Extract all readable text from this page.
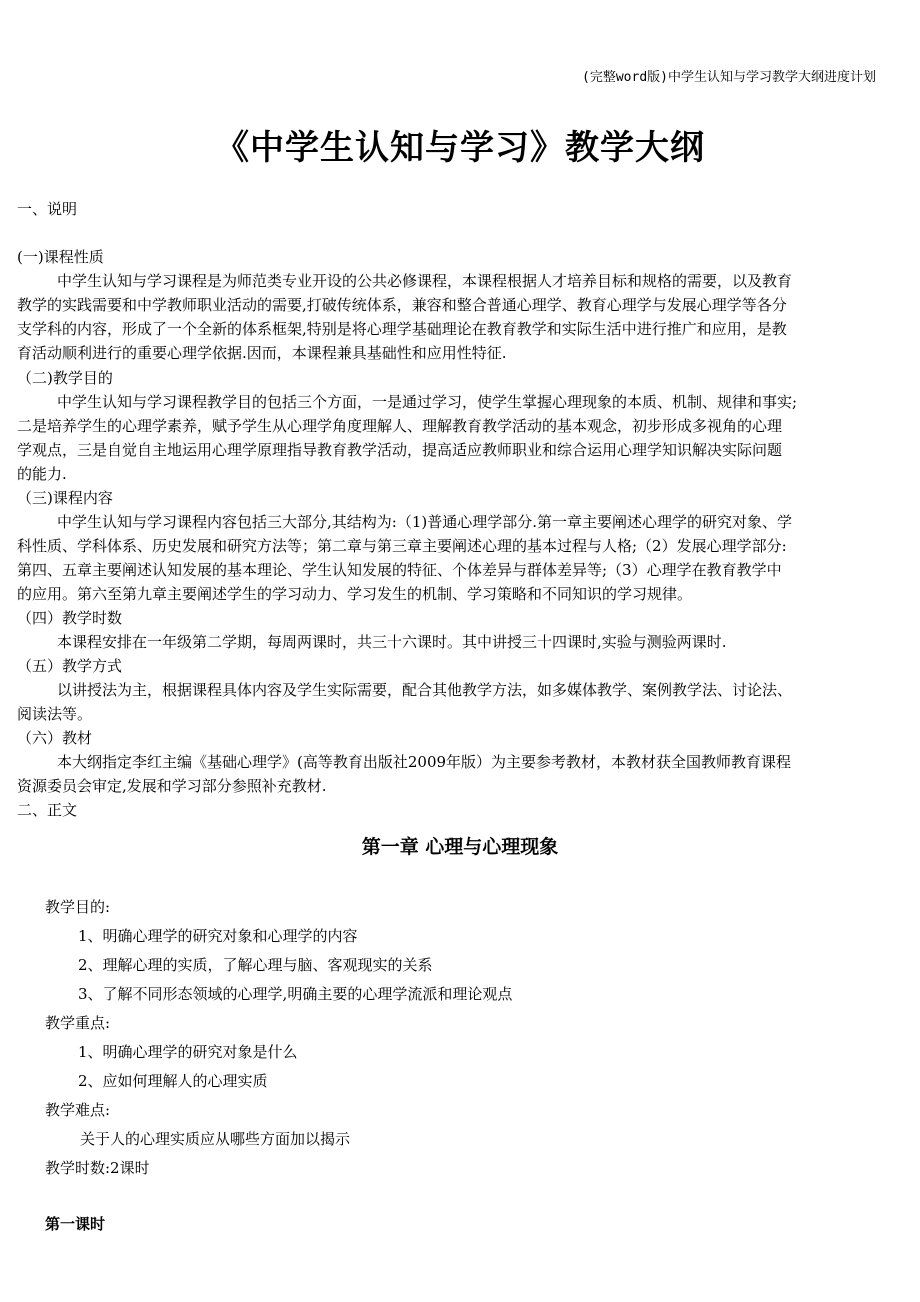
(完整word版)中学生认知与学习教学大纲进度计划
《中学生认知与学习》教学大纲
一、说明
(一)课程性质
中学生认知与学习课程是为师范类专业开设的公共必修课程，本课程根据人才培养目标和规格的需要，以及教育
教学的实践需要和中学教师职业活动的需要,打破传统体系，兼容和整合普通心理学、教育心理学与发展心理学等各分
支学科的内容，形成了一个全新的体系框架,特别是将心理学基础理论在教育教学和实际生活中进行推广和应用，是教
育活动顺利进行的重要心理学依据.因而，本课程兼具基础性和应用性特征.
（二)教学目的
中学生认知与学习课程教学目的包括三个方面，一是通过学习，使学生掌握心理现象的本质、机制、规律和事实;
二是培养学生的心理学素养，赋予学生从心理学角度理解人、理解教育教学活动的基本观念，初步形成多视角的心理
学观点，三是自觉自主地运用心理学原理指导教育教学活动，提高适应教师职业和综合运用心理学知识解决实际问题
的能力.
（三)课程内容
中学生认知与学习课程内容包括三大部分,其结构为:（1)普通心理学部分.第一章主要阐述心理学的研究对象、学
科性质、学科体系、历史发展和研究方法等；第二章与第三章主要阐述心理的基本过程与人格;（2）发展心理学部分:
第四、五章主要阐述认知发展的基本理论、学生认知发展的特征、个体差异与群体差异等;（3）心理学在教育教学中
的应用。第六至第九章主要阐述学生的学习动力、学习发生的机制、学习策略和不同知识的学习规律。
（四）教学时数
本课程安排在一年级第二学期，每周两课时，共三十六课时。其中讲授三十四课时,实验与测验两课时.
（五）教学方式
以讲授法为主，根据课程具体内容及学生实际需要，配合其他教学方法，如多媒体教学、案例教学法、讨论法、
阅读法等。
（六）教材
本大纲指定李红主编《基础心理学》(高等教育出版社2009年版）为主要参考教材，本教材获全国教师教育课程
资源委员会审定,发展和学习部分参照补充教材.
二、正文
第一章 心理与心理现象
教学目的:
1、明确心理学的研究对象和心理学的内容
2、理解心理的实质，了解心理与脑、客观现实的关系
3、了解不同形态领域的心理学,明确主要的心理学流派和理论观点
教学重点:
1、明确心理学的研究对象是什么
2、应如何理解人的心理实质
教学难点:
关于人的心理实质应从哪些方面加以揭示
教学时数:2课时
第一课时
